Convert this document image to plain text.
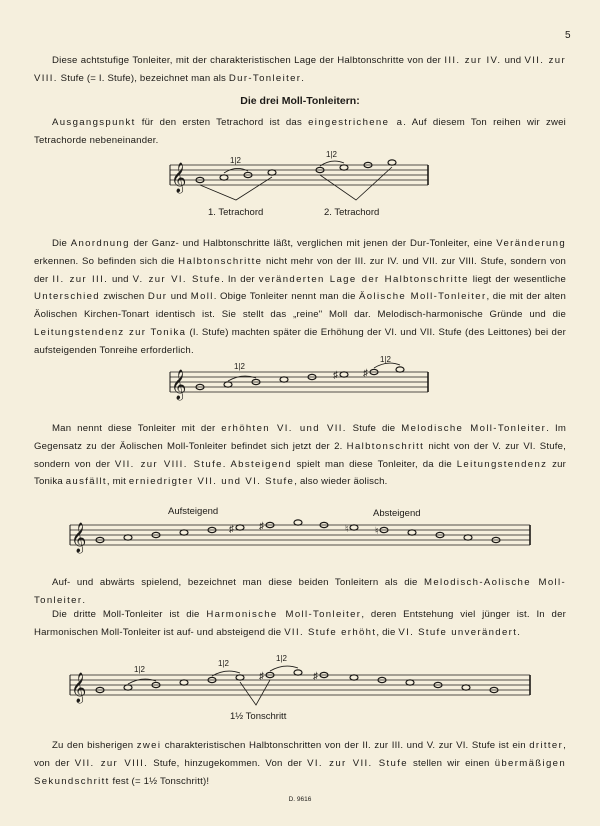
5
Diese achtstufige Tonleiter, mit der charakteristischen Lage der Halbtonschritte von der III. zur IV. und VII. zur VIII. Stufe (= I. Stufe), bezeichnet man als Dur-Tonleiter.
Die drei Moll-Tonleitern:
Ausgangspunkt für den ersten Tetrachord ist das eingestrichene a. Auf diesem Ton reihen wir zwei Tetrachorde nebeneinander.
𝄞
1|2
1|2
1. Tetrachord	2. Tetrachord
Die Anordnung der Ganz- und Halbtonschritte läßt, verglichen mit jenen der Dur-Tonleiter, eine Veränderung erkennen. So befinden sich die Halbtonschritte nicht mehr von der III. zur IV. und VII. zur VIII. Stufe, sondern von der II. zur III. und V. zur VI. Stufe. In der veränderten Lage der Halbtonschritte liegt der wesentliche Unterschied zwischen Dur und Moll. Obige Tonleiter nennt man die Äolische Moll-Tonleiter, die mit der alten Äolischen Kirchen-Tonart identisch ist. Sie stellt das „reine" Moll dar. Melodisch-harmonische Gründe und die Leitungstendenz zur Tonika (I. Stufe) machten später die Erhöhung der VI. und VII. Stufe (des Leittones) bei der aufsteigenden Tonreihe erforderlich.
𝄞	♯	♯
1|2
1|2
Man nennt diese Tonleiter mit der erhöhten VI. und VII. Stufe die Melodische Moll-Tonleiter. Im Gegensatz zu der Äolischen Moll-Tonleiter befindet sich jetzt der 2. Halbtonschritt nicht von der V. zur VI. Stufe, sondern von der VII. zur VIII. Stufe. Absteigend spielt man diese Tonleiter, da die Leitungstendenz zur Tonika ausfällt, mit erniedrigter VII. und VI. Stufe, also wieder äolisch.
𝄞
Aufsteigend	Absteigend
♯	♯	♮	♮
Auf- und abwärts spielend, bezeichnet man diese beiden Tonleitern als die Melodisch-Aolische Moll-Tonleiter.
Die dritte Moll-Tonleiter ist die Harmonische Moll-Tonleiter, deren Entstehung viel jünger ist. In der Harmonischen Moll-Tonleiter ist auf- und absteigend die VII. Stufe erhöht, die VI. Stufe unverändert.
𝄞	♯	♯
1|2
1|2
1|2
1½ Tonschritt
Zu den bisherigen zwei charakteristischen Halbtonschritten von der II. zur III. und V. zur VI. Stufe ist ein dritter, von der VII. zur VIII. Stufe, hinzugekommen. Von der VI. zur VII. Stufe stellen wir einen übermäßigen Sekundschritt fest (= 1½ Tonschritt)!
D. 9616
